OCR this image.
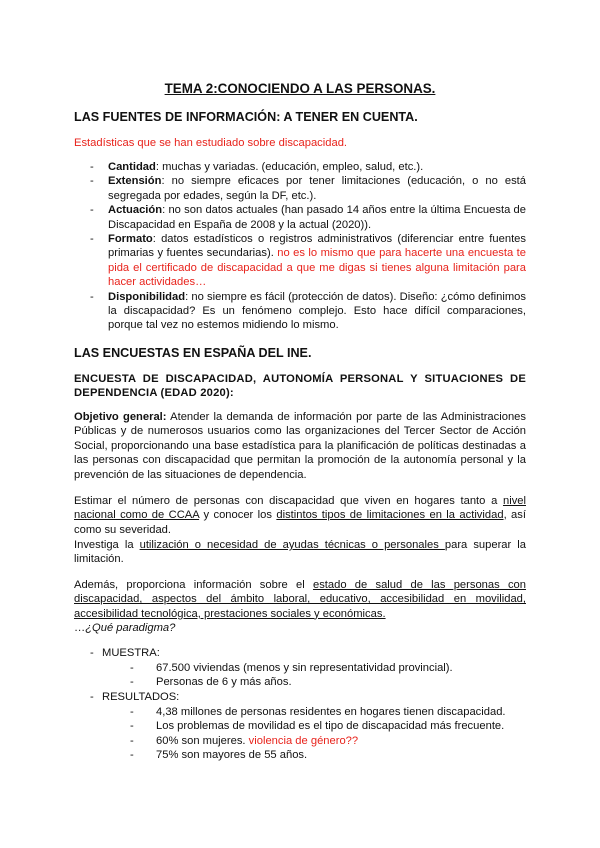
TEMA 2:CONOCIENDO A LAS PERSONAS.
LAS FUENTES DE INFORMACIÓN: A TENER EN CUENTA.
Estadísticas que se han estudiado sobre discapacidad.
- Cantidad: muchas y variadas. (educación, empleo, salud, etc.).
- Extensión: no siempre eficaces por tener limitaciones (educación, o no está segregada por edades, según la DF, etc.).
- Actuación: no son datos actuales (han pasado 14 años entre la última Encuesta de Discapacidad en España de 2008 y la actual (2020)).
- Formato: datos estadísticos o registros administrativos (diferenciar entre fuentes primarias y fuentes secundarias). no es lo mismo que para hacerte una encuesta te pida el certificado de discapacidad a que me digas si tienes alguna limitación para hacer actividades…
- Disponibilidad: no siempre es fácil (protección de datos). Diseño: ¿cómo definimos la discapacidad? Es un fenómeno complejo. Esto hace difícil comparaciones, porque tal vez no estemos midiendo lo mismo.
LAS ENCUESTAS EN ESPAÑA DEL INE.
ENCUESTA DE DISCAPACIDAD, AUTONOMÍA PERSONAL Y SITUACIONES DE DEPENDENCIA (EDAD 2020):
Objetivo general: Atender la demanda de información por parte de las Administraciones Públicas y de numerosos usuarios como las organizaciones del Tercer Sector de Acción Social, proporcionando una base estadística para la planificación de políticas destinadas a las personas con discapacidad que permitan la promoción de la autonomía personal y la prevención de las situaciones de dependencia.
Estimar el número de personas con discapacidad que viven en hogares tanto a nivel nacional como de CCAA y conocer los distintos tipos de limitaciones en la actividad, así como su severidad.
Investiga la utilización o necesidad de ayudas técnicas o personales para superar la limitación.
Además, proporciona información sobre el estado de salud de las personas con discapacidad, aspectos del ámbito laboral, educativo, accesibilidad en movilidad, accesibilidad tecnológica, prestaciones sociales y económicas.
…¿Qué paradigma?
- MUESTRA:
- 67.500 viviendas (menos y sin representatividad provincial).
- Personas de 6 y más años.
- RESULTADOS:
- 4,38 millones de personas residentes en hogares tienen discapacidad.
- Los problemas de movilidad es el tipo de discapacidad más frecuente.
- 60% son mujeres. violencia de género??
- 75% son mayores de 55 años.
